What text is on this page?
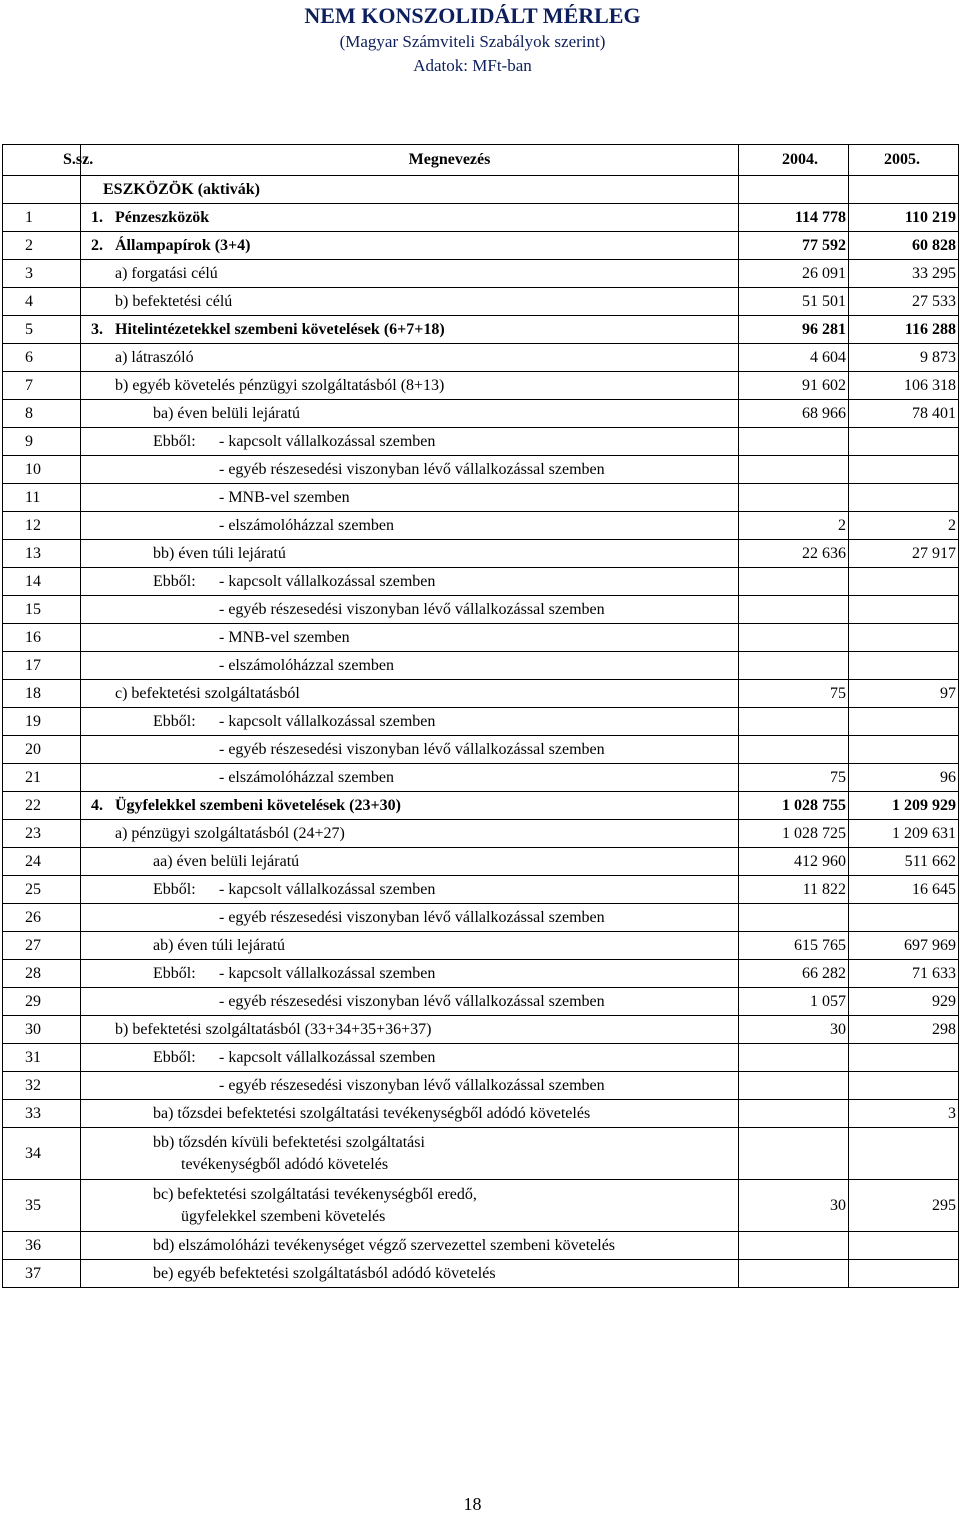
NEM KONSZOLIDÁLT MÉRLEG
(Magyar Számviteli Szabályok szerint)
Adatok: MFt-ban
S.sz.	Megnevezés	2004.	2005.
	ESZKÖZÖK (aktivák)		
1	1. Pénzeszközök	114 778	110 219
2	2. Állampapírok (3+4)	77 592	60 828
3	a) forgatási célú	26 091	33 295
4	b) befektetési célú	51 501	27 533
5	3. Hitelintézetekkel szembeni követelések (6+7+18)	96 281	116 288
6	a) látraszóló	4 604	9 873
7	b) egyéb követelés pénzügyi szolgáltatásból (8+13)	91 602	106 318
8	ba) éven belüli lejáratú	68 966	78 401
9	Ebből: - kapcsolt vállalkozással szemben		
10	- egyéb részesedési viszonyban lévő vállalkozással szemben		
11	- MNB-vel szemben		
12	- elszámolóházzal szemben	2	2
13	bb) éven túli lejáratú	22 636	27 917
14	Ebből: - kapcsolt vállalkozással szemben		
15	- egyéb részesedési viszonyban lévő vállalkozással szemben		
16	- MNB-vel szemben		
17	- elszámolóházzal szemben		
18	c) befektetési szolgáltatásból	75	97
19	Ebből: - kapcsolt vállalkozással szemben		
20	- egyéb részesedési viszonyban lévő vállalkozással szemben		
21	- elszámolóházzal szemben	75	96
22	4. Ügyfelekkel szembeni követelések (23+30)	1 028 755	1 209 929
23	a) pénzügyi szolgáltatásból (24+27)	1 028 725	1 209 631
24	aa) éven belüli lejáratú	412 960	511 662
25	Ebből: - kapcsolt vállalkozással szemben	11 822	16 645
26	- egyéb részesedési viszonyban lévő vállalkozással szemben		
27	ab) éven túli lejáratú	615 765	697 969
28	Ebből: - kapcsolt vállalkozással szemben	66 282	71 633
29	- egyéb részesedési viszonyban lévő vállalkozással szemben	1 057	929
30	b) befektetési szolgáltatásból (33+34+35+36+37)	30	298
31	Ebből: - kapcsolt vállalkozással szemben		
32	- egyéb részesedési viszonyban lévő vállalkozással szemben		
33	ba) tőzsdei befektetési szolgáltatási tevékenységből adódó követelés		3
34	bb) tőzsdén kívüli befektetési szolgáltatási
tevékenységből adódó követelés		

35	bc) befektetési szolgáltatási tevékenységből eredő,
ügyfelekkel szembeni követelés	30	295
36	bd) elszámolóházi tevékenységet végző szervezettel szembeni követelés		
37	be) egyéb befektetési szolgáltatásból adódó követelés		
18
